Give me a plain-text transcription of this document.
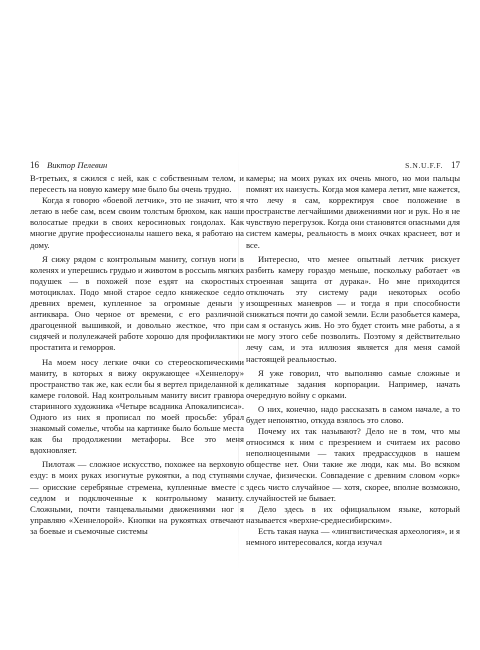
16 Виктор Пелевин

В-третьих, я сжился с ней, как с собственным телом, и пересесть на новую камеру мне было бы очень трудно.

Когда я говорю «боевой летчик», это не значит, что я летаю в небе сам, всем своим толстым брюхом, как наши волосатые предки в своих керосиновых гондолах. Как многие другие профессионалы нашего века, я работаю на дому.

Я сижу рядом с контрольным маниту, согнув ноги в коленях и уперешись грудью и животом в россыпь мягких подушек — в похожей позе ездят на скоростных мотоциклах. Подо мной старое седло княжеское седло древних времен, купленное за огромные деньги у антиквара. Оно черное от времени, с его различной драгоценной вышивкой, и довольно жесткое, что при сидячей и полулежачей работе хорошо для профилактики простатита и геморроя.

На моем носу легкие очки со стереоскопическими маниту, в которых я вижу окружающее «Хеннелору» пространство так же, как если бы я вертел приделанной к камере головой. Над контрольным маниту висит гравюра старинного художника «Четыре всадника Апокалипсиса». Одного из них я прописал по моей просьбе: убрал знакомый сомелье, чтобы на картинке было больше места как бы продолжении метафоры. Все это меня вдохновляет.

Пилотаж — сложное искусство, похожее на верховую езду: в моих руках изогнутые рукоятки, а под ступнями — орисские серебряные стремена, купленные вместе с седлом и подключенные к контрольному маниту. Сложными, почти танцевальными движениями ног я управляю «Хеннелорой». Кнопки на рукоятках отвечают за боевые и съемочные системы

S.N.U.F.F. 17

камеры; на моих руках их очень много, но мои пальцы помнят их наизусть. Когда моя камера летит, мне кажется, что лечу я сам, корректируя свое положение в пространстве легчайшими движениями ног и рук. Но я не чувствую перегрузок. Когда они становятся опасными для систем камеры, реальность в моих очках краснеет, вот и все.

Интересно, что менее опытный летчик рискует разбить камеру гораздо меньше, поскольку работает «в строенная защита от дурака». Но мне приходится отключать эту систему ради некоторых особо изощренных маневров — и тогда я при способности снижаться почти до самой земли. Если разобьется камера, сам я останусь жив. Но это будет стоить мне работы, а я не могу этого себе позволить. Поэтому я действительно лечу сам, и эта иллюзия является для меня самой настоящей реальностью.

Я уже говорил, что выполняю самые сложные и деликатные задания корпорации. Например, начать очередную войну с орками.

О них, конечно, надо рассказать в самом начале, а то будет непонятно, откуда взялось это слово.

Почему их так называют? Дело не в том, что мы относимся к ним с презрением и считаем их расово неполноценными — таких предрассудков в нашем обществе нет. Они такие же люди, как мы. Во всяком случае, физически. Совпадение с древним словом «орк» здесь чисто случайное — хотя, скорее, вполне возможно, случайностей не бывает.

Дело здесь в их официальном языке, который называется «верхне-среднесибирским».

Есть такая наука — «лингвистическая археология», и я немного интересовался, когда изучал
